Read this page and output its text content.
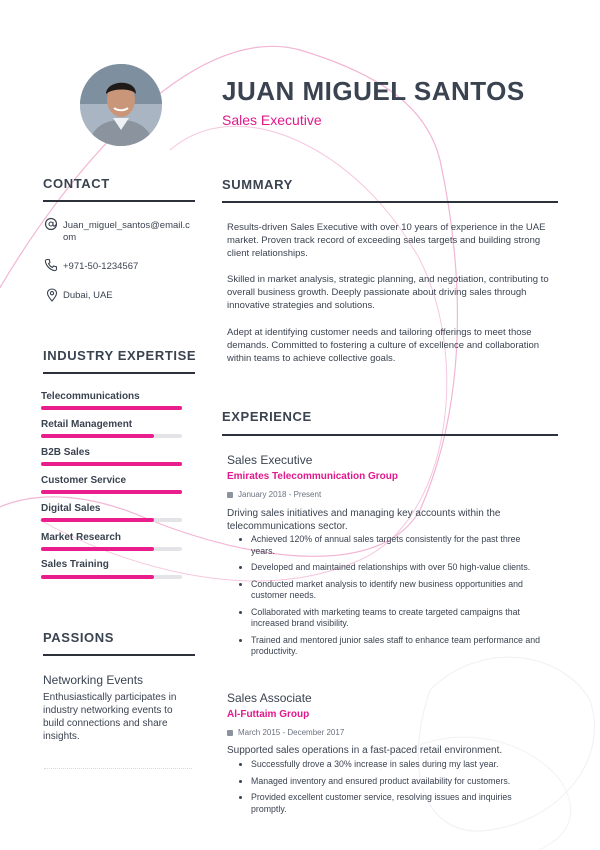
JUAN MIGUEL SANTOS
Sales Executive
CONTACT
Juan_miguel_santos@email.com
+971-50-1234567
Dubai, UAE
INDUSTRY EXPERTISE
Telecommunications
Retail Management
B2B Sales
Customer Service
Digital Sales
Market Research
Sales Training
PASSIONS
Networking Events
Enthusiastically participates in industry networking events to build connections and share insights.
SUMMARY
Results-driven Sales Executive with over 10 years of experience in the UAE market. Proven track record of exceeding sales targets and building strong client relationships.
Skilled in market analysis, strategic planning, and negotiation, contributing to overall business growth. Deeply passionate about driving sales through innovative strategies and solutions.
Adept at identifying customer needs and tailoring offerings to meet those demands. Committed to fostering a culture of excellence and collaboration within teams to achieve collective goals.
EXPERIENCE
Sales Executive
Emirates Telecommunication Group
January 2018 - Present
Driving sales initiatives and managing key accounts within the telecommunications sector.
Achieved 120% of annual sales targets consistently for the past three years.
Developed and maintained relationships with over 50 high-value clients.
Conducted market analysis to identify new business opportunities and customer needs.
Collaborated with marketing teams to create targeted campaigns that increased brand visibility.
Trained and mentored junior sales staff to enhance team performance and productivity.
Sales Associate
Al-Futtaim Group
March 2015 - December 2017
Supported sales operations in a fast-paced retail environment.
Successfully drove a 30% increase in sales during my last year.
Managed inventory and ensured product availability for customers.
Provided excellent customer service, resolving issues and inquiries promptly.
